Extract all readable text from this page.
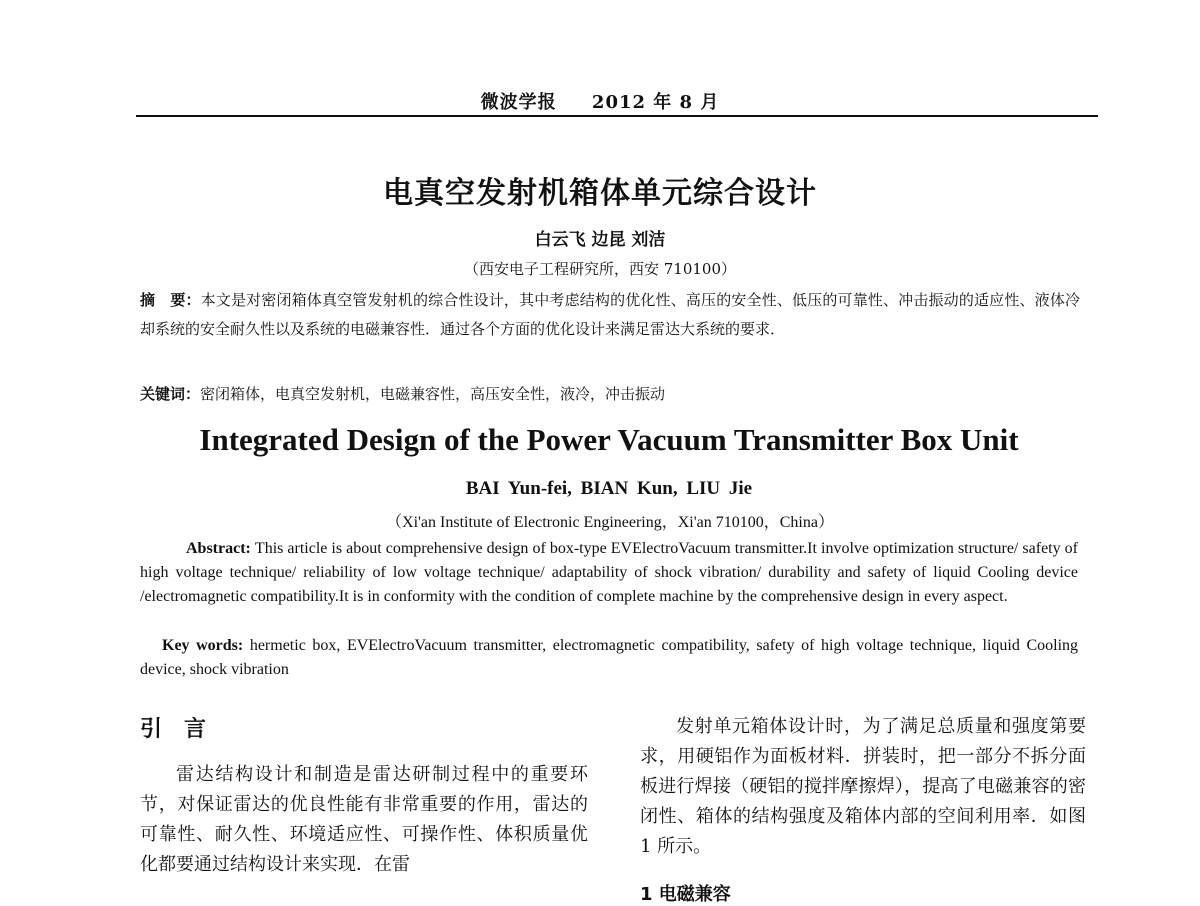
微波学报 2012 年 8 月
电真空发射机箱体单元综合设计
白云飞 边昆 刘洁
（西安电子工程研究所，西安 710100）
摘　要：本文是对密闭箱体真空管发射机的综合性设计，其中考虑结构的优化性、高压的安全性、低压的可靠性、冲击振动的适应性、液体冷却系统的安全耐久性以及系统的电磁兼容性．通过各个方面的优化设计来满足雷达大系统的要求．
关键词：密闭箱体，电真空发射机，电磁兼容性，高压安全性，液冷，冲击振动
Integrated Design of the Power Vacuum Transmitter Box Unit
BAI Yun-fei, BIAN Kun, LIU Jie
（Xi'an Institute of Electronic Engineering，Xi'an 710100，China）
Abstract: This article is about comprehensive design of box-type EVElectroVacuum transmitter.It involve optimization structure/ safety of high voltage technique/ reliability of low voltage technique/ adaptability of shock vibration/ durability and safety of liquid Cooling device /electromagnetic compatibility.It is in conformity with the condition of complete machine by the comprehensive design in every aspect.
Key words: hermetic box, EVElectroVacuum transmitter, electromagnetic compatibility, safety of high voltage technique, liquid Cooling device, shock vibration
引言
雷达结构设计和制造是雷达研制过程中的重要环节，对保证雷达的优良性能有非常重要的作用，雷达的可靠性、耐久性、环境适应性、可操作性、体积质量优化都要通过结构设计来实现．在雷
发射单元箱体设计时，为了满足总质量和强度第要求，用硬铝作为面板材料．拼装时，把一部分不拆分面板进行焊接（硬铝的搅拌摩擦焊），提高了电磁兼容的密闭性、箱体的结构强度及箱体内部的空间利用率．如图 1 所示。
1 电磁兼容
